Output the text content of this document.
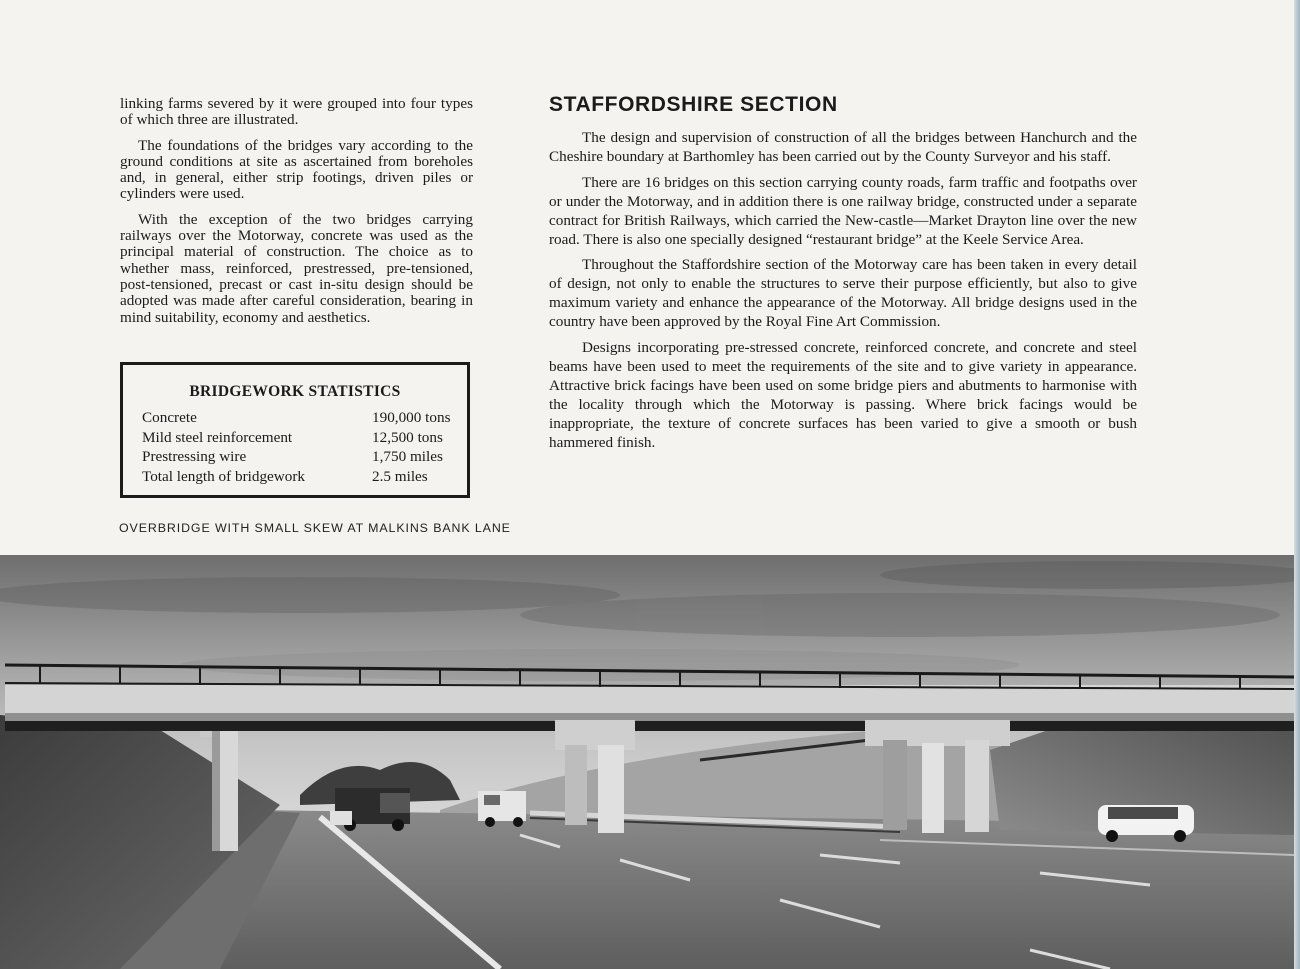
linking farms severed by it were grouped into four types of which three are illustrated.

The foundations of the bridges vary according to the ground conditions at site as ascertained from boreholes and, in general, either strip footings, driven piles or cylinders were used.

With the exception of the two bridges carrying railways over the Motorway, concrete was used as the principal material of construction. The choice as to whether mass, reinforced, prestressed, pre-tensioned, post-tensioned, precast or cast in-situ design should be adopted was made after careful consideration, bearing in mind suitability, economy and aesthetics.

BRIDGEWORK STATISTICS
Concrete	190,000 tons
Mild steel reinforcement	12,500 tons
Prestressing wire	1,750 miles
Total length of bridgework	2.5 miles
OVERBRIDGE WITH SMALL SKEW AT MALKINS BANK LANE
STAFFORDSHIRE SECTION

The design and supervision of construction of all the bridges between Hanchurch and the Cheshire boundary at Barthomley has been carried out by the County Surveyor and his staff.

There are 16 bridges on this section carrying county roads, farm traffic and footpaths over or under the Motorway, and in addition there is one railway bridge, constructed under a separate contract for British Railways, which carried the New-castle—Market Drayton line over the new road. There is also one specially designed “restaurant bridge” at the Keele Service Area.

Throughout the Staffordshire section of the Motorway care has been taken in every detail of design, not only to enable the structures to serve their purpose efficiently, but also to give maximum variety and enhance the appearance of the Motorway. All bridge designs used in the country have been approved by the Royal Fine Art Commission.

Designs incorporating pre-stressed concrete, reinforced concrete, and concrete and steel beams have been used to meet the requirements of the site and to give variety in appearance. Attractive brick facings have been used on some bridge piers and abutments to harmonise with the locality through which the Motorway is passing. Where brick facings would be inappropriate, the texture of concrete surfaces has been varied to give a smooth or bush hammered finish.
